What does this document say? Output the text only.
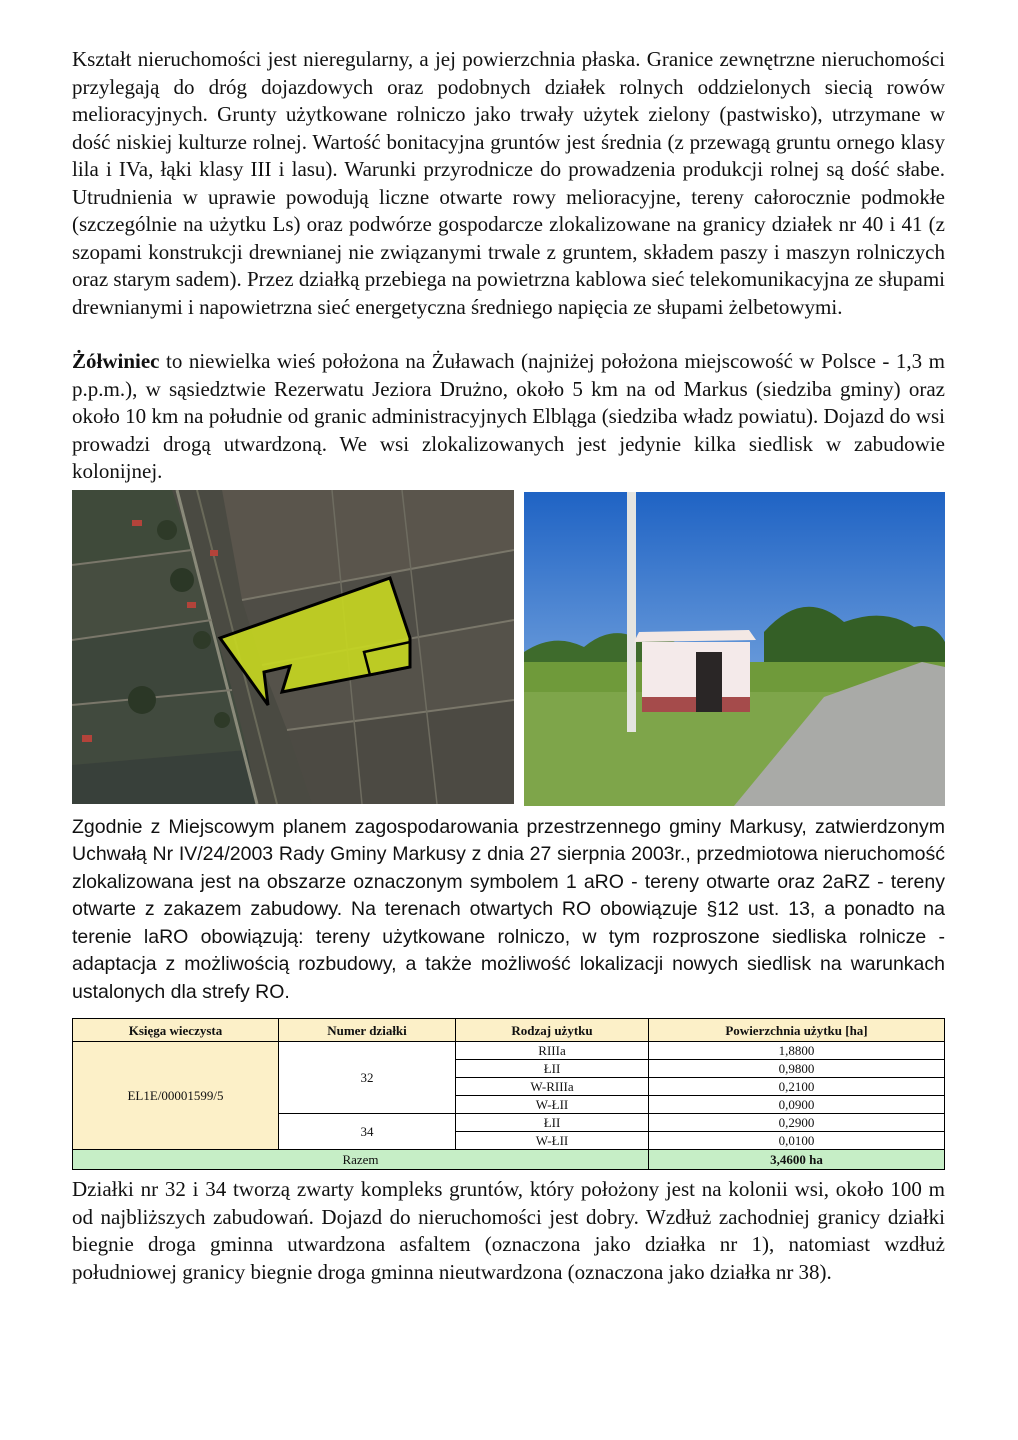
Kształt nieruchomości jest nieregularny, a jej powierzchnia płaska. Granice zewnętrzne nieruchomości przylegają do dróg dojazdowych oraz podobnych działek rolnych oddzielonych siecią rowów melioracyjnych. Grunty użytkowane rolniczo jako trwały użytek zielony (pastwisko), utrzymane w dość niskiej kulturze rolnej. Wartość bonitacyjna gruntów jest średnia (z przewagą gruntu ornego klasy lila i IVa, łąki klasy III i lasu). Warunki przyrodnicze do prowadzenia produkcji rolnej są dość słabe. Utrudnienia w uprawie powodują liczne otwarte rowy melioracyjne, tereny całorocznie podmokłe (szczególnie na użytku Ls) oraz podwórze gospodarcze zlokalizowane na granicy działek nr 40 i 41 (z szopami konstrukcji drewnianej nie związanymi trwale z gruntem, składem paszy i maszyn rolniczych oraz starym sadem). Przez działką przebiega na powietrzna kablowa sieć telekomunikacyjna ze słupami drewnianymi i napowietrzna sieć energetyczna średniego napięcia ze słupami żelbetowymi.

Żółwiniec to niewielka wieś położona na Żuławach (najniżej położona miejscowość w Polsce - 1,3 m p.p.m.), w sąsiedztwie Rezerwatu Jeziora Drużno, około 5 km na od Markus (siedziba gminy) oraz około 10 km na południe od granic administracyjnych Elbląga (siedziba władz powiatu). Dojazd do wsi prowadzi drogą utwardzoną. We wsi zlokalizowanych jest jedynie kilka siedlisk w zabudowie kolonijnej.

Zgodnie z Miejscowym planem zagospodarowania przestrzennego gminy Markusy, zatwierdzonym Uchwałą Nr IV/24/2003 Rady Gminy Markusy z dnia 27 sierpnia 2003r., przedmiotowa nieruchomość zlokalizowana jest na obszarze oznaczonym symbolem 1 aRO - tereny otwarte oraz 2aRZ - tereny otwarte z zakazem zabudowy. Na terenach otwartych RO obowiązuje §12 ust. 13, a ponadto na terenie laRO obowiązują: tereny użytkowane rolniczo, w tym rozproszone siedliska rolnicze - adaptacja z możliwością rozbudowy, a także możliwość lokalizacji nowych siedlisk na warunkach ustalonych dla strefy RO.

Księga wieczysta	Numer działki	Rodzaj użytku	Powierzchnia użytku [ha]
EL1E/00001599/5	32	RIIIa	1,8800
		ŁII	0,9800
		W-RIIIa	0,2100
		W-ŁII	0,0900
	34	ŁII	0,2900
		W-ŁII	0,0100
Razem			3,4600 ha

Działki nr 32 i 34 tworzą zwarty kompleks gruntów, który położony jest na kolonii wsi, około 100 m od najbliższych zabudowań. Dojazd do nieruchomości jest dobry. Wzdłuż zachodniej granicy działki biegnie droga gminna utwardzona asfaltem (oznaczona jako działka nr 1), natomiast wzdłuż południowej granicy biegnie droga gminna nieutwardzona (oznaczona jako działka nr 38).
